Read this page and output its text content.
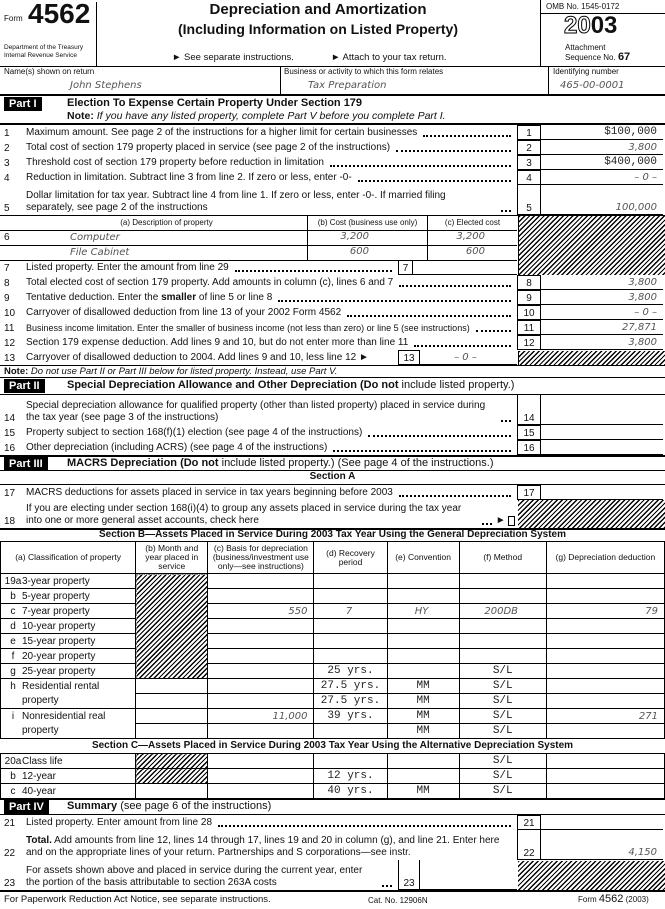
Form 4562
Department of the Treasury
Internal Revenue Service
Depreciation and Amortization
(Including Information on Listed Property)
► See separate instructions.	► Attach to your tax return.
OMB No. 1545-0172
2003
Attachment
Sequence No. 67
Name(s) shown on return
John Stephens
Business or activity to which this form relates
Tax Preparation
Identifying number
465-00-0001
Part I	Election To Expense Certain Property Under Section 179
Note: If you have any listed property, complete Part V before you complete Part I.
(a) Description of property	(b) Cost (business use only)	(c) Elected cost
6	Computer	3,200	3,200
File Cabinet	600	600
Note: Do not use Part II or Part III below for listed property. Instead, use Part V.
Part II	Special Depreciation Allowance and Other Depreciation (Do not include listed property.)
Part III	MACRS Depreciation (Do not include listed property.) (See page 4 of the instructions.)
Section A
Section B—Assets Placed in Service During 2003 Tax Year Using the General Depreciation System
(a) Classification of property	(b) Month and year placed in service	(c) Basis for depreciation (business/investment use only—see instructions)	(d) Recovery period	(e) Convention	(f) Method	(g) Depreciation deduction
19a3-year property						
b 5-year property						
c 7-year property		550	7	HY	200DB	79
d 10-year property						
e 15-year property						
f 20-year property						
g 25-year property			25 yrs.		S/L	
h Residential rental			27.5 yrs.	MM	S/L	
property			27.5 yrs.	MM	S/L	
i Nonresidential real		11,000	39 yrs.	MM	S/L	271
property				MM	S/L	

20aClass life					S/L	
b 12-year			12 yrs.		S/L	
c 40-year			40 yrs.	MM	S/L	
Section C—Assets Placed in Service During 2003 Tax Year Using the Alternative Depreciation System
Part IV	Summary (see page 6 of the instructions)
For Paperwork Reduction Act Notice, see separate instructions.	Cat. No. 12906N	Form 4562 (2003)
1	Maximum amount. See page 2 of the instructions for a higher limit for certain businesses	1	$100,000
2	Total cost of section 179 property placed in service (see page 2 of the instructions)	2	3,800
3	Threshold cost of section 179 property before reduction in limitation	3	$400,000
4	Reduction in limitation. Subtract line 3 from line 2. If zero or less, enter -0-	4	– 0 –
5
Dollar limitation for tax year. Subtract line 4 from line 1. If zero or less, enter -0-. If married filing separately, see page 2 of the instructions	5	100,000
7	Listed property. Enter the amount from line 29	7
8	Total elected cost of section 179 property. Add amounts in column (c), lines 6 and 7	8	3,800
9	Tentative deduction. Enter the smaller of line 5 or line 8	9	3,800
10	Carryover of disallowed deduction from line 13 of your 2002 Form 4562	10	– 0 –
11	Business income limitation. Enter the smaller of business income (not less than zero) or line 5 (see instructions)	11	27,871
12	Section 179 expense deduction. Add lines 9 and 10, but do not enter more than line 11	12	3,800
13	Carryover of disallowed deduction to 2004. Add lines 9 and 10, less line 12 ►	13	– 0 –
14
Special depreciation allowance for qualified property (other than listed property) placed in service during the tax year (see page 3 of the instructions)	14
15	Property subject to section 168(f)(1) election (see page 4 of the instructions)	15
16	Other depreciation (including ACRS) (see page 4 of the instructions)	16
17	MACRS deductions for assets placed in service in tax years beginning before 2003	17
18
If you are electing under section 168(i)(4) to group any assets placed in service during the tax year into one or more general asset accounts, check here	►
21	Listed property. Enter amount from line 28	21
22
Total. Add amounts from line 12, lines 14 through 17, lines 19 and 20 in column (g), and line 21. Enter here and on the appropriate lines of your return. Partnerships and S corporations—see instr.	22	4,150
23
For assets shown above and placed in service during the current year, enter the portion of the basis attributable to section 263A costs	23
